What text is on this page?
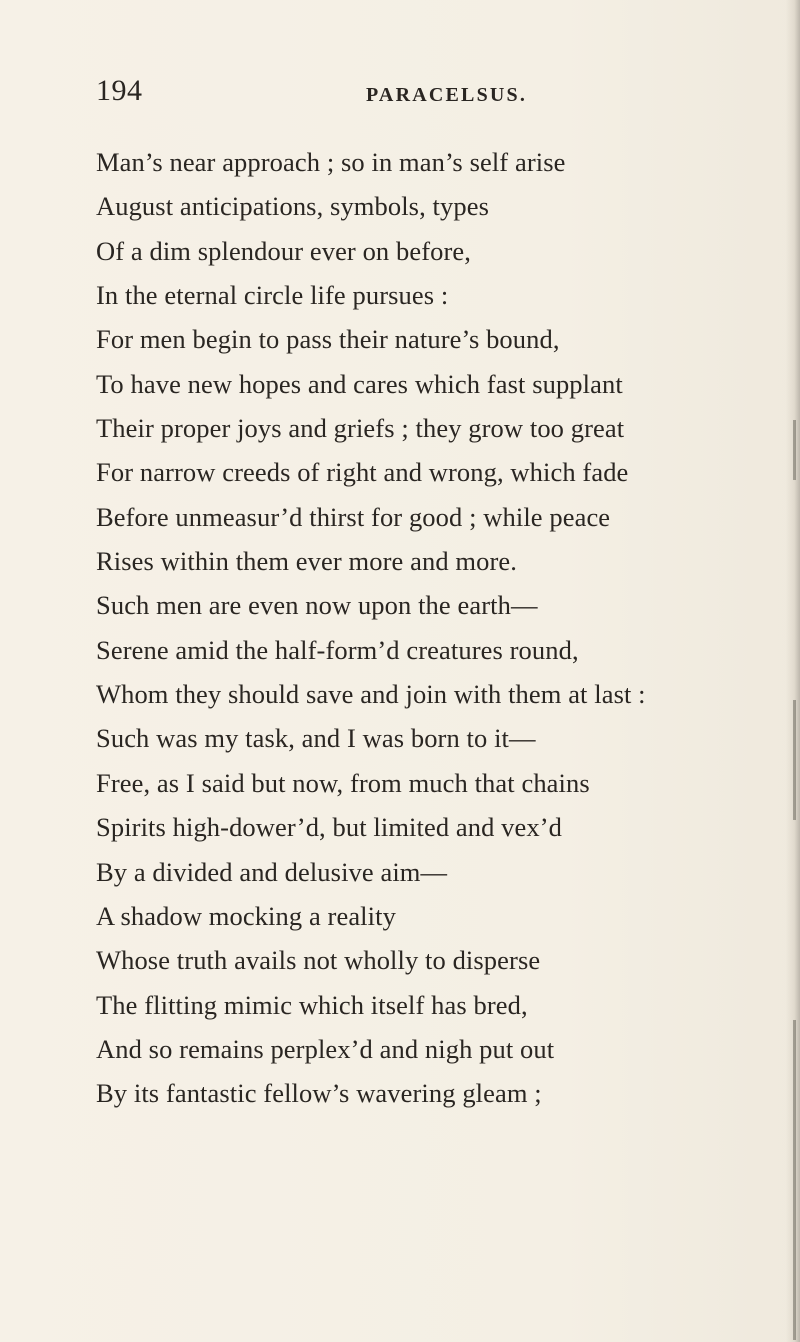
194	PARACELSUS.
Man’s near approach ; so in man’s self arise
August anticipations, symbols, types
Of a dim splendour ever on before,
In the eternal circle life pursues :
For men begin to pass their nature’s bound,
To have new hopes and cares which fast supplant
Their proper joys and griefs ; they grow too great
For narrow creeds of right and wrong, which fade
Before unmeasur’d thirst for good ; while peace
Rises within them ever more and more.
Such men are even now upon the earth—
Serene amid the half-form’d creatures round,
Whom they should save and join with them at last :
Such was my task, and I was born to it—
Free, as I said but now, from much that chains
Spirits high-dower’d, but limited and vex’d
By a divided and delusive aim—
A shadow mocking a reality
Whose truth avails not wholly to disperse
The flitting mimic which itself has bred,
And so remains perplex’d and nigh put out
By its fantastic fellow’s wavering gleam ;
